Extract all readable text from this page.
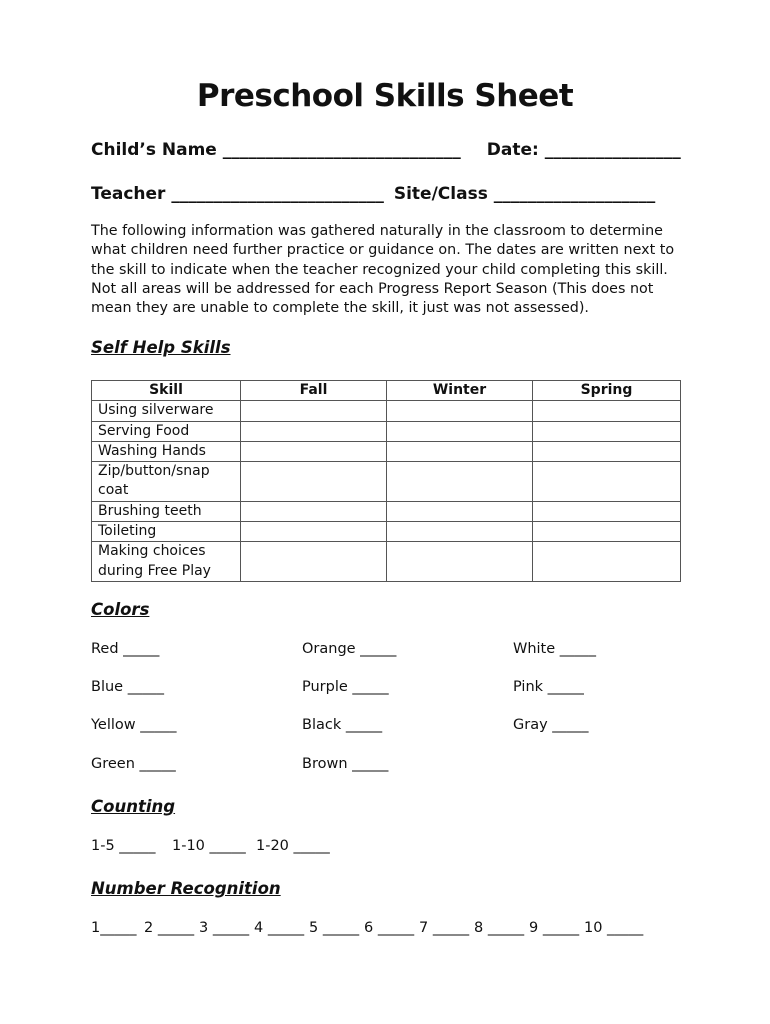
Preschool Skills Sheet
Child’s Name ____________________________ Date: ________________
Teacher _________________________ Site/Class ___________________

The following information was gathered naturally in the classroom to determine what children need further practice or guidance on. The dates are written next to the skill to indicate when the teacher recognized your child completing this skill. Not all areas will be addressed for each Progress Report Season (This does not mean they are unable to complete the skill, it just was not assessed).

Self Help Skills
Skill	Fall	Winter	Spring
Using silverware			
Serving Food			
Washing Hands			
Zip/button/snap coat			
Brushing teeth			
Toileting			
Making choices during Free Play			
Colors
Red _____	Orange _____	White _____
Blue _____	Purple _____	Pink _____
Yellow _____	Black _____	Gray _____
Green _____	Brown _____
Counting
1-5 _____ 1-10 _____ 1-20 _____
Number Recognition
1_____ 2 _____ 3 _____ 4 _____ 5 _____ 6 _____ 7 _____ 8 _____ 9 _____ 10 _____
